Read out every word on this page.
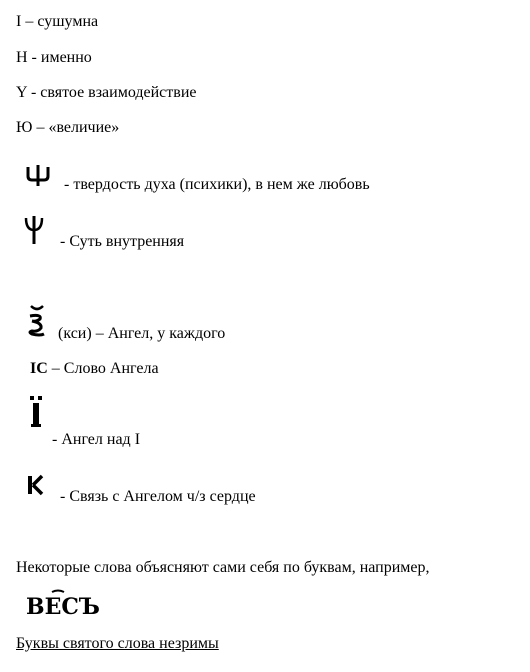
I – сушумна
Н - именно
Y - святое взаимодействие
Ю – «величие»
- твердость духа (психики), в нем же любовь
- Суть внутренняя
(кси) – Ангел, у каждого
IC – Слово Ангела
- Ангел над I
- Связь с Ангелом ч/з сердце
Некоторые слова объясняют сами себя по буквам, например,
ВЕСЪ
Буквы святого слова незримы
